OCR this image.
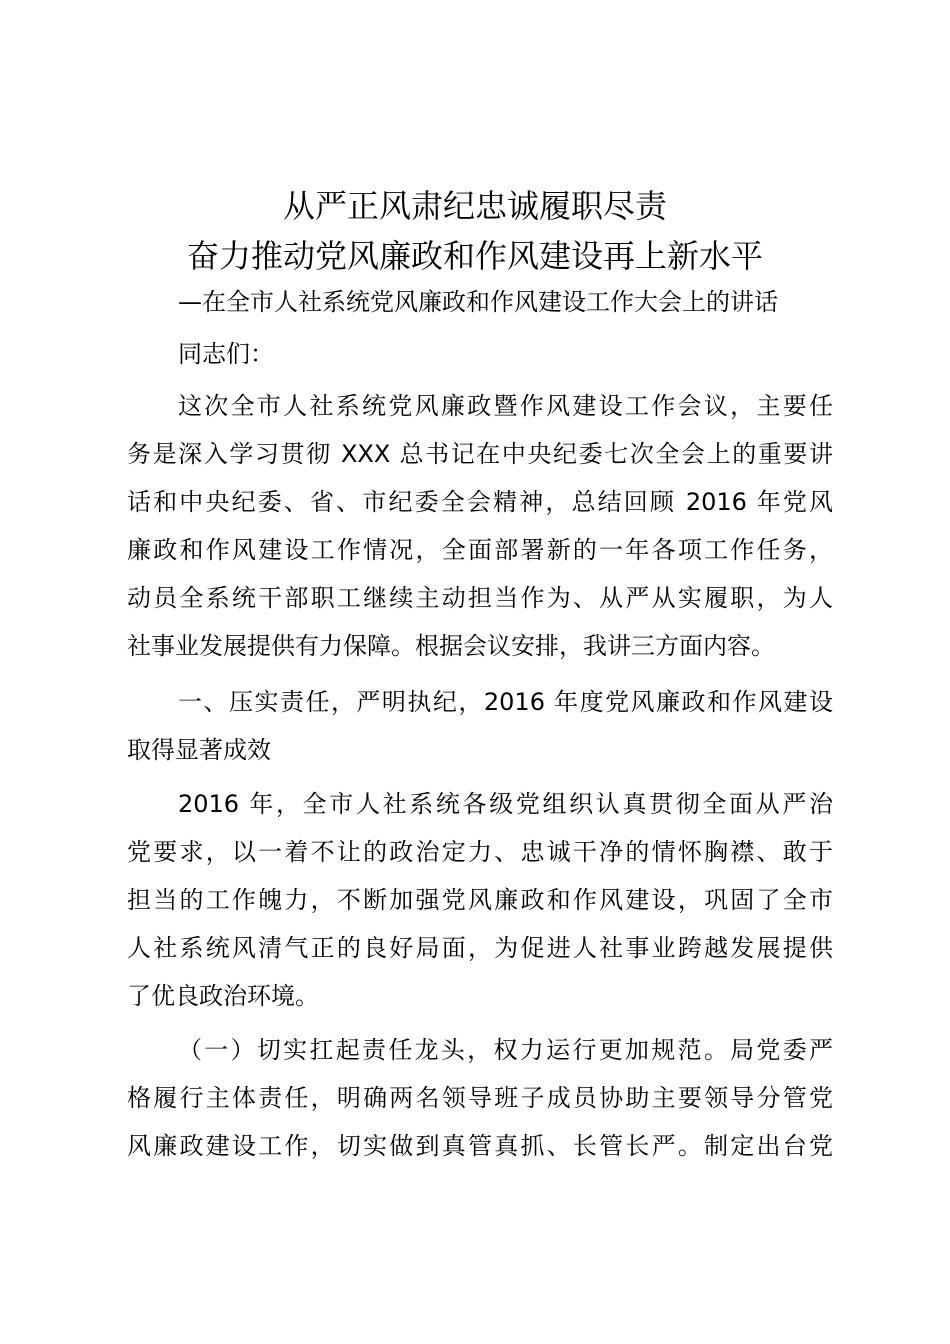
从严正风肃纪忠诚履职尽责
奋力推动党风廉政和作风建设再上新水平
—在全市人社系统党风廉政和作风建设工作大会上的讲话
同志们：
这次全市人社系统党风廉政暨作风建设工作会议，主要任
务是深入学习贯彻 XXX 总书记在中央纪委七次全会上的重要讲
话和中央纪委、省、市纪委全会精神，总结回顾 2016 年党风
廉政和作风建设工作情况，全面部署新的一年各项工作任务，
动员全系统干部职工继续主动担当作为、从严从实履职，为人
社事业发展提供有力保障。根据会议安排，我讲三方面内容。
一、压实责任，严明执纪，2016 年度党风廉政和作风建设
取得显著成效
2016 年，全市人社系统各级党组织认真贯彻全面从严治
党要求，以一着不让的政治定力、忠诚干净的情怀胸襟、敢于
担当的工作魄力，不断加强党风廉政和作风建设，巩固了全市
人社系统风清气正的良好局面，为促进人社事业跨越发展提供
了优良政治环境。
（一）切实扛起责任龙头，权力运行更加规范。局党委严
格履行主体责任，明确两名领导班子成员协助主要领导分管党
风廉政建设工作，切实做到真管真抓、长管长严。制定出台党
